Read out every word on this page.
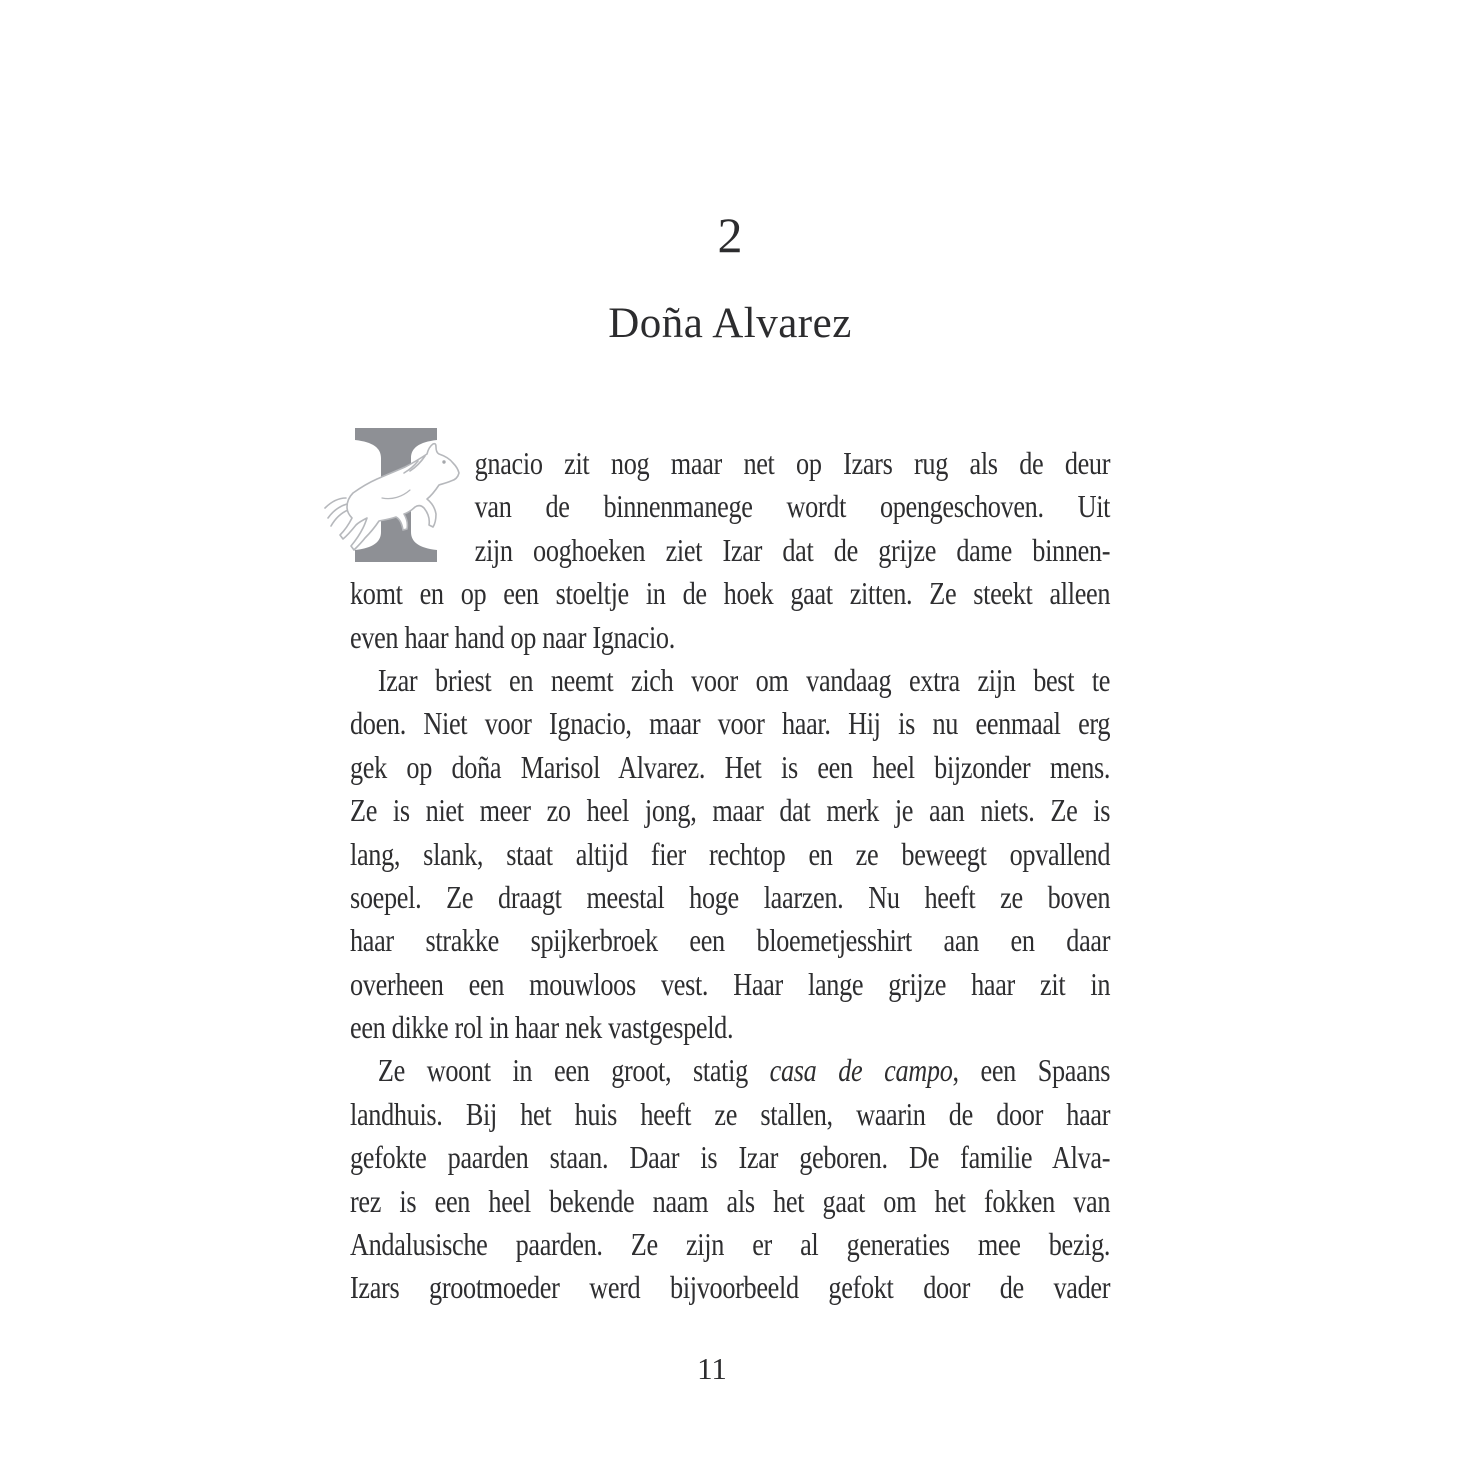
2
Doña Alvarez
gnacio zit nog maar net op Izars rug als de deur
van de binnenmanege wordt opengeschoven. Uit
zijn ooghoeken ziet Izar dat de grijze dame binnen-
komt en op een stoeltje in de hoek gaat zitten. Ze steekt alleen
even haar hand op naar Ignacio.
Izar briest en neemt zich voor om vandaag extra zijn best te
doen. Niet voor Ignacio, maar voor haar. Hij is nu eenmaal erg
gek op doña Marisol Alvarez. Het is een heel bijzonder mens.
Ze is niet meer zo heel jong, maar dat merk je aan niets. Ze is
lang, slank, staat altijd fier rechtop en ze beweegt opvallend
soepel. Ze draagt meestal hoge laarzen. Nu heeft ze boven
haar strakke spijkerbroek een bloemetjesshirt aan en daar
overheen een mouwloos vest. Haar lange grijze haar zit in
een dikke rol in haar nek vastgespeld.
Ze woont in een groot, statig casa de campo, een Spaans
landhuis. Bij het huis heeft ze stallen, waarin de door haar
gefokte paarden staan. Daar is Izar geboren. De familie Alva-
rez is een heel bekende naam als het gaat om het fokken van
Andalusische paarden. Ze zijn er al generaties mee bezig.
Izars grootmoeder werd bijvoorbeeld gefokt door de vader
11
